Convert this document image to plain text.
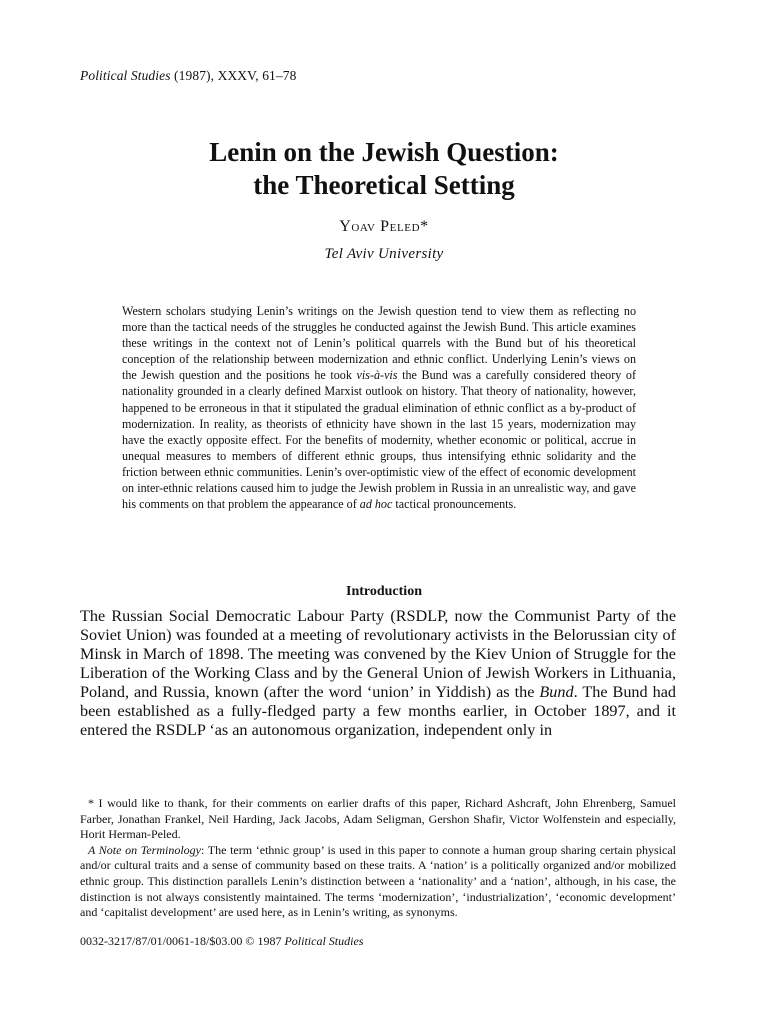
Political Studies (1987), XXXV, 61–78
Lenin on the Jewish Question:
the Theoretical Setting
Yoav Peled*
Tel Aviv University

Western scholars studying Lenin’s writings on the Jewish question tend to view them as reflecting no more than the tactical needs of the struggles he conducted against the Jewish Bund. This article examines these writings in the context not of Lenin’s political quarrels with the Bund but of his theoretical conception of the relationship between modernization and ethnic conflict. Underlying Lenin’s views on the Jewish question and the positions he took vis-à-vis the Bund was a carefully considered theory of nationality grounded in a clearly defined Marxist outlook on history. That theory of nationality, however, happened to be erroneous in that it stipulated the gradual elimination of ethnic conflict as a by-product of modernization. In reality, as theorists of ethnicity have shown in the last 15 years, modernization may have the exactly opposite effect. For the benefits of modernity, whether economic or political, accrue in unequal measures to members of different ethnic groups, thus intensifying ethnic solidarity and the friction between ethnic communities. Lenin’s over-optimistic view of the effect of economic development on inter-ethnic relations caused him to judge the Jewish problem in Russia in an unrealistic way, and gave his comments on that problem the appearance of ad hoc tactical pronouncements.

Introduction

The Russian Social Democratic Labour Party (RSDLP, now the Communist Party of the Soviet Union) was founded at a meeting of revolutionary activists in the Belorussian city of Minsk in March of 1898. The meeting was convened by the Kiev Union of Struggle for the Liberation of the Working Class and by the General Union of Jewish Workers in Lithuania, Poland, and Russia, known (after the word ‘union’ in Yiddish) as the Bund. The Bund had been established as a fully-fledged party a few months earlier, in October 1897, and it entered the RSDLP ‘as an autonomous organization, independent only in

* I would like to thank, for their comments on earlier drafts of this paper, Richard Ashcraft, John Ehrenberg, Samuel Farber, Jonathan Frankel, Neil Harding, Jack Jacobs, Adam Seligman, Gershon Shafir, Victor Wolfenstein and especially, Horit Herman-Peled.

A Note on Terminology: The term ‘ethnic group’ is used in this paper to connote a human group sharing certain physical and/or cultural traits and a sense of community based on these traits. A ‘nation’ is a politically organized and/or mobilized ethnic group. This distinction parallels Lenin’s distinction between a ‘nationality’ and a ‘nation’, although, in his case, the distinction is not always consistently maintained. The terms ‘modernization’, ‘industrialization’, ‘economic development’ and ‘capitalist development’ are used here, as in Lenin’s writing, as synonyms.

0032-3217/87/01/0061-18/$03.00 © 1987 Political Studies
